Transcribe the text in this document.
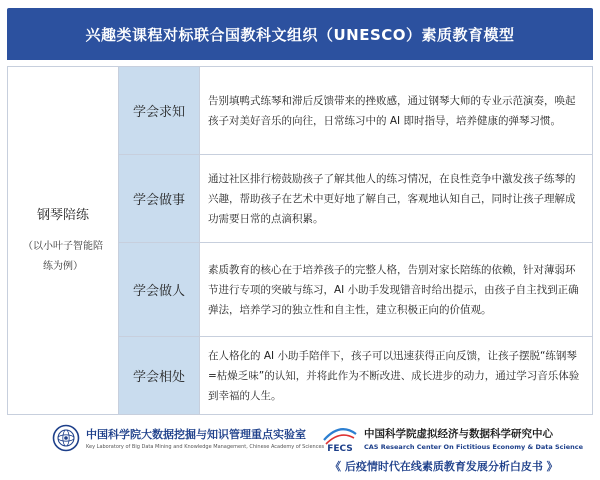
兴趣类课程对标联合国教科文组织（UNESCO）素质教育模型
钢琴陪练
（以小叶子智能陪练为例）	学会求知	告别填鸭式练琴和滞后反馈带来的挫败感，通过钢琴大师的专业示范演奏，唤起孩子对美好音乐的向往，日常练习中的 AI 即时指导，培养健康的弹琴习惯。
	学会做事	通过社区排行榜鼓励孩子了解其他人的练习情况，在良性竞争中激发孩子练琴的兴趣，帮助孩子在艺术中更好地了解自己，客观地认知自己，同时让孩子理解成功需要日常的点滴积累。
	学会做人	素质教育的核心在于培养孩子的完整人格，告别对家长陪练的依赖，针对薄弱环节进行专项的突破与练习，AI 小助手发现错音时给出提示，由孩子自主找到正确弹法，培养学习的独立性和自主性，建立积极正向的价值观。
	学会相处	在人格化的 AI 小助手陪伴下，孩子可以迅速获得正向反馈，让孩子摆脱“练钢琴=枯燥乏味”的认知，并将此作为不断改进、成长进步的动力，通过学习音乐体验到幸福的人生。
中国科学院大数据挖掘与知识管理重点实验室
Key Laboratory of Big Data Mining and Knowledge Management, Chinese Academy of Sciences FECS
中国科学院虚拟经济与数据科学研究中心
CAS Research Center On Fictitious Economy & Data Science
《 后疫情时代在线素质教育发展分析白皮书 》
